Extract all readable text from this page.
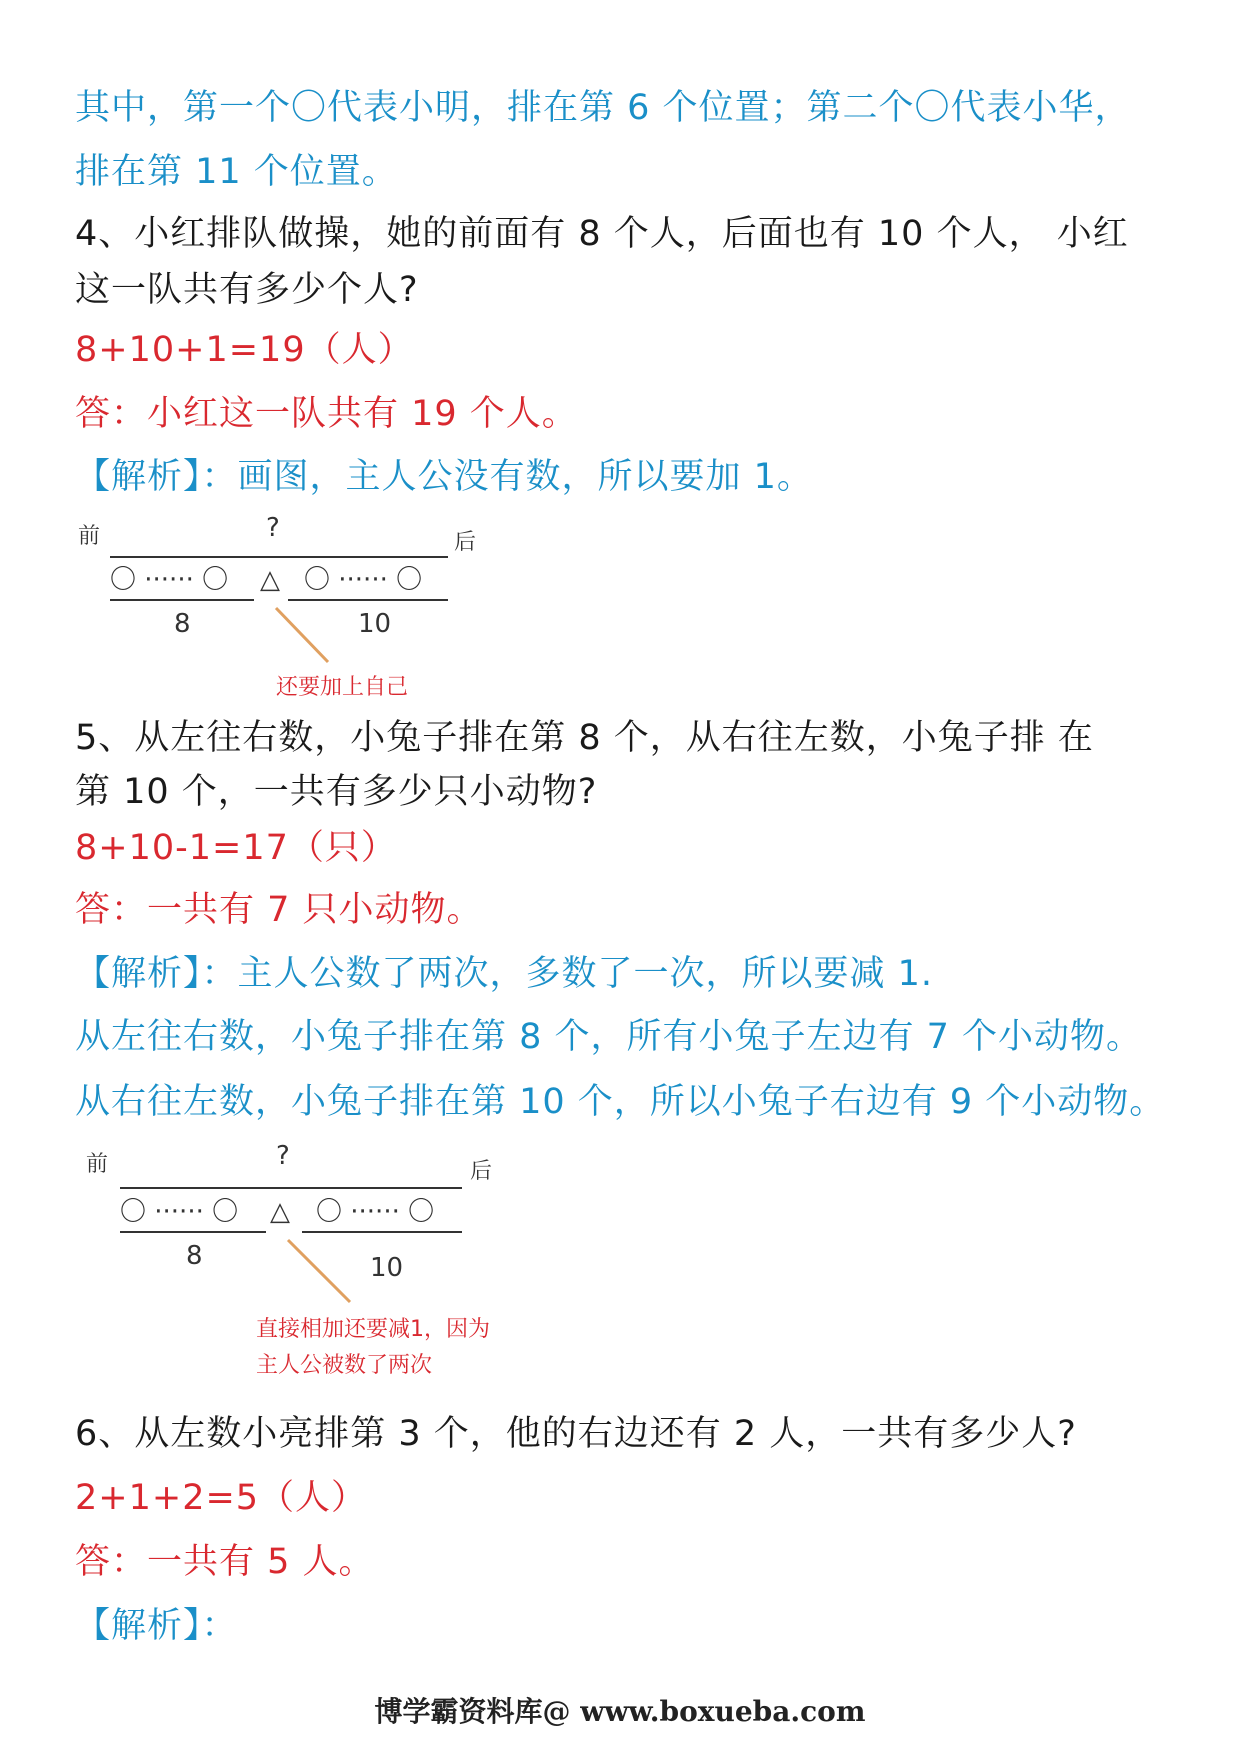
其中，第一个〇代表小明，排在第 6 个位置；第二个〇代表小华，
排在第 11 个位置。
4、小红排队做操，她的前面有 8 个人，后面也有 10 个人， 小红
这一队共有多少个人?
8+10+1=19（人）
答：小红这一队共有 19 个人。
【解析】：画图，主人公没有数，所以要加 1。
前	?	后
〇 ······ 〇 △ 〇 ······ 〇
8	10
还要加上自己
5、从左往右数，小兔子排在第 8 个，从右往左数，小兔子排 在
第 10 个，一共有多少只小动物?
8+10-1=17（只）
答：一共有 7 只小动物。
【解析】：主人公数了两次，多数了一次，所以要减 1.
从左往右数，小兔子排在第 8 个，所有小兔子左边有 7 个小动物。
从右往左数，小兔子排在第 10 个，所以小兔子右边有 9 个小动物。
前	?
后
〇 ······ 〇 △ 〇 ······ 〇
8	10
直接相加还要减1，因为
主人公被数了两次
6、从左数小亮排第 3 个，他的右边还有 2 人，一共有多少人?
2+1+2=5（人）
答：一共有 5 人。
【解析】：
博学霸资料库@ www.boxueba.com
